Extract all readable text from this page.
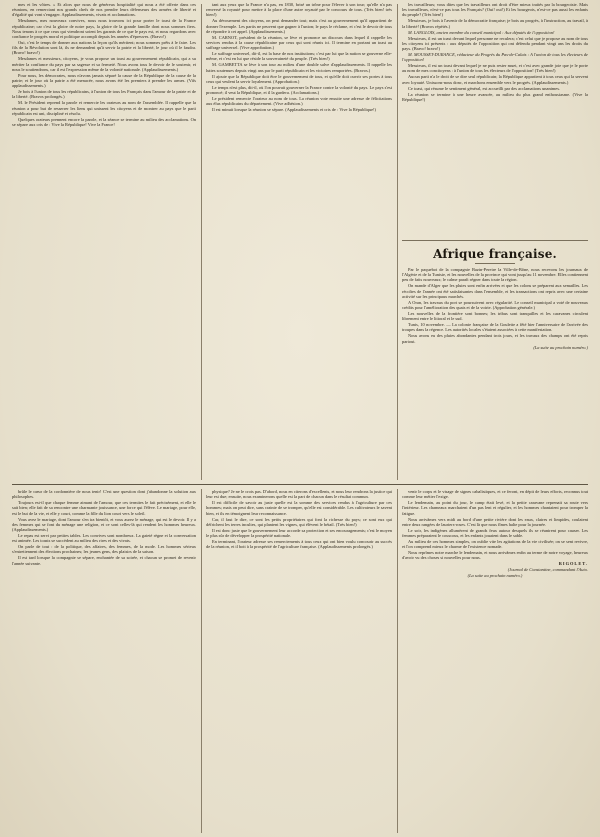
mes et les vôtres. » Et alors que nous de généreux hospitalité qui nous a été offerte dans ces réunions, en remerciant nos grands chefs de nos prendre leurs défenseurs des armées de liberté et d'égalité qui vont s'engager. Applaudissements, vivats et acclamations.

Mesdames, mes nouveaux convives, nous nous trouvons ici pour porter le toast de la France républicaine; car c'est la gloire de notre pays, la gloire de la grande famille dont nous sommes fiers. Nous tenons à ce que ceux qui viendront soient les garants de ce que le pays est, et nous regardons avec confiance le progrès moral et politique accompli depuis les années d'épreuves. (Bravo!)

Oui, c'est le temps de donner aux nations la leçon qu'ils méritent; nous sommes prêts à le faire. Les fils de la Révolution sont là, ils ne demandent qu'à servir la patrie et la liberté, le jour où il le faudra. (Bravo! bravo!)

Mesdames et messieurs, citoyens, je vous propose un toast au gouvernement républicain, qui a su mériter la confiance du pays par sa sagesse et sa fermeté. Nous avons tous le devoir de le soutenir, et nous le soutiendrons, car il est l'expression même de la volonté nationale. (Applaudissements.)

Pour nous, les démocrates, nous n'avons jamais séparé la cause de la République de la cause de la patrie; et le jour où la patrie a été menacée, nous avons été les premiers à prendre les armes. (Vifs applaudissements.)

Je bois à l'union de tous les républicains, à l'union de tous les Français dans l'amour de la patrie et de la liberté. (Bravos prolongés.)

M. le Président reprend la parole et remercie les orateurs au nom de l'assemblée. Il rappelle que la réunion a pour but de resserrer les liens qui unissent les citoyens et de montrer au pays que le parti républicain est uni, discipliné et résolu.

Quelques orateurs prennent encore la parole, et la séance se termine au milieu des acclamations. On se sépare aux cris de : Vive la République! Vive la France!

tant aux yeux que la France n'a pas, en 1830, brisé un trône pour l'élever à son tour; qu'elle n'a pas renversé la royauté pour mettre à la place d'une autre royauté par le concours de tous. (Très bien! très bien!)

Au dévouement des citoyens, on peut demander tout; mais c'est au gouvernement qu'il appartient de donner l'exemple. Les partis ne peuvent que gagner à l'union; le pays le réclame, et c'est le devoir de tous de répondre à cet appel. (Applaudissements.)

M. CARNOT, président de la réunion, se lève et prononce un discours dans lequel il rappelle les services rendus à la cause républicaine par ceux qui sont réunis ici. Il termine en portant un toast au suffrage universel. (Vive approbation.)

Le suffrage universel, dit-il, est la base de nos institutions; c'est par lui que la nation se gouverne elle-même, et c'est en lui que réside la souveraineté du peuple. (Très bien!)

M. GAMBETTA se lève à son tour au milieu d'une double salve d'applaudissements. Il rappelle les luttes soutenues depuis vingt ans par le parti républicain et les victoires remportées. (Bravos.)

Il ajoute que la République doit être le gouvernement de tous, et qu'elle doit ouvrir ses portes à tous ceux qui veulent la servir loyalement. (Approbation.)

Le temps n'est plus, dit-il, où l'on pouvait gouverner la France contre la volonté du pays. Le pays s'est prononcé; il veut la République, et il la gardera. (Acclamations.)

Le président remercie l'orateur au nom de tous. La réunion vote ensuite une adresse de félicitations aux élus républicains du département. (Vive adhésion.)

Il est minuit lorsque la réunion se sépare. (Applaudissements et cris de : Vive la République!)

les travailleurs; vous dites que les travailleurs ont droit d'être mieux traités par la bourgeoisie. Mais les travailleurs, n'est-ce pas tous les Français? (Oui! oui!) Et les bourgeois, n'est-ce pas aussi les enfants du peuple? (Très bien!)

Messieurs, je bois à l'avenir de la démocratie française; je bois au progrès, à l'instruction, au travail, à la liberté! (Bravos répétés.)

M. LANGLOIS, ancien membre du conseil municipal : Aux députés de l'opposition!

Messieurs, il est un toast devant lequel personne ne reculera; c'est celui que je propose au nom de tous les citoyens ici présents : aux députés de l'opposition qui ont défendu pendant vingt ans les droits du pays. (Bravo! bravo!)

M. MOUSSET-DURANCE, rédacteur du Progrès du Pas-de-Calais : A l'union de tous les électeurs de l'opposition!

Messieurs, il est un toast devant lequel je ne puis rester muet, et c'est avec grande joie que je le porte au nom de mes concitoyens : à l'union de tous les électeurs de l'opposition! (Très bien!)

Aucun parti n'a le droit de se dire seul républicain; la République appartient à tous ceux qui la servent avec loyauté. Unissons-nous donc, et marchons ensemble vers le progrès. (Applaudissements.)

Ce toast, qui résume le sentiment général, est accueilli par des acclamations unanimes.

La réunion se termine à une heure avancée, au milieu du plus grand enthousiasme. (Vive la République!)

Afrique française.

Par le paquebot de la compagnie Bazin-Pereire la Ville-de-Bône, nous recevons les journaux de l'Algérie et de la Tunisie, et les nouvelles de la province qui vont jusqu'au 11 novembre. Elles contiennent peu de faits nouveaux; le calme paraît régner dans toute la région.

On mande d'Alger que les pluies sont enfin arrivées et que les colons se préparent aux semailles. Les récoltes de l'année ont été satisfaisantes dans l'ensemble, et les transactions ont repris avec une certaine activité sur les principaux marchés.

A Oran, les travaux du port se poursuivent avec régularité. Le conseil municipal a voté de nouveaux crédits pour l'amélioration des quais et de la voirie. (Approbation générale.)

Les nouvelles de la frontière sont bonnes; les tribus sont tranquilles et les caravanes circulent librement entre le littoral et le sud.

Tunis, 10 novembre. — La colonie française de la Goulette a fêté hier l'anniversaire de l'arrivée des troupes dans la régence. Les autorités locales s'étaient associées à cette manifestation.

Nous avons eu des pluies abondantes pendant trois jours, et les travaux des champs ont été repris partout.

(La suite au prochain numéro.)

brûle le cœur de la cordonnière de nous tenir! C'est une question dont j'abandonne la solution aux philosophes.

Toujours est-il que chaque femme aimant de l'amour, que ces termites le fait précisément, et elle le sait bien; elle fait de sa rencontre une charmante jouissance, une force qui l'élève. Le mariage, pour elle, est le but de la vie, et elle y court, comme la fille du lion court vers le soleil.

Vous avez le mariage, dont l'amour s'en ira bientôt, et vous aurez le ménage, qui est le devoir. Il y a des femmes qui se font du ménage une religion, et ce sont celles-là qui rendent les hommes heureux. (Applaudissements.)

Le repas est servi par petites tables. Les convives sont nombreux. La gaieté règne et la conversation est animée. Les toasts se succèdent au milieu des rires et des vivats.

On parle de tout : de la politique, des affaires, des femmes, de la mode. Les hommes sérieux s'entretiennent des élections prochaines; les jeunes gens, des plaisirs de la saison.

Il est tard lorsque la compagnie se sépare, enchantée de sa soirée, et chacun se promet de revenir l'année suivante.

physique? Je ne le crois pas. D'abord, nous en citerons d'excellents, et nous leur rendrons la justice qui leur est due; ensuite, nous examinerons quelle est la part de chacun dans le résultat commun.

Il est difficile de savoir au juste quelle est la somme des services rendus à l'agriculture par ces hommes; mais on peut dire, sans crainte de se tromper, qu'elle est considérable. Les cultivateurs le savent bien, et ils en témoignent leur reconnaissance.

Car, il faut le dire, ce sont les petits propriétaires qui font la richesse du pays; ce sont eux qui défrichent les terres incultes, qui plantent les vignes, qui élèvent le bétail. (Très bien!)

Il est donc juste que le gouvernement leur accorde sa protection et ses encouragements; c'est le moyen le plus sûr de développer la prospérité nationale.

En terminant, l'orateur adresse ses remerciements à tous ceux qui ont bien voulu concourir au succès de la réunion, et il boit à la prospérité de l'agriculture française. (Applaudissements prolongés.)

venir le corps et le visage de signes cabalistiques, et ce feront, en dépit de leurs efforts, reconnus tout comme leur métier l'exige.

Le lendemain, au point du jour, le camp était levé, et la petite caravane reprenait sa route vers l'intérieur. Les chameaux marchaient d'un pas lent et régulier, et les hommes chantaient pour tromper la fatigue.

Nous arrivâmes vers midi au bord d'une petite rivière dont les eaux, claires et limpides, coulaient entre deux rangées de lauriers-roses. C'est là que nous fîmes halte pour la journée.

Le soir, les indigènes allumèrent de grands feux autour desquels ils se réunirent pour causer. Les femmes préparaient le couscous, et les enfants jouaient dans le sable.

Au milieu de ces hommes simples, on oublie vite les agitations de la vie civilisée; on se sent revivre, et l'on comprend mieux le charme de l'existence nomade.

Nous reprîmes notre marche le lendemain, et nous arrivâmes enfin au terme de notre voyage, heureux d'avoir vu des choses si nouvelles pour nous.

RIGOLET.

(Journal de Constantine, commandant l'Auto.

(La suite au prochain numéro.)
